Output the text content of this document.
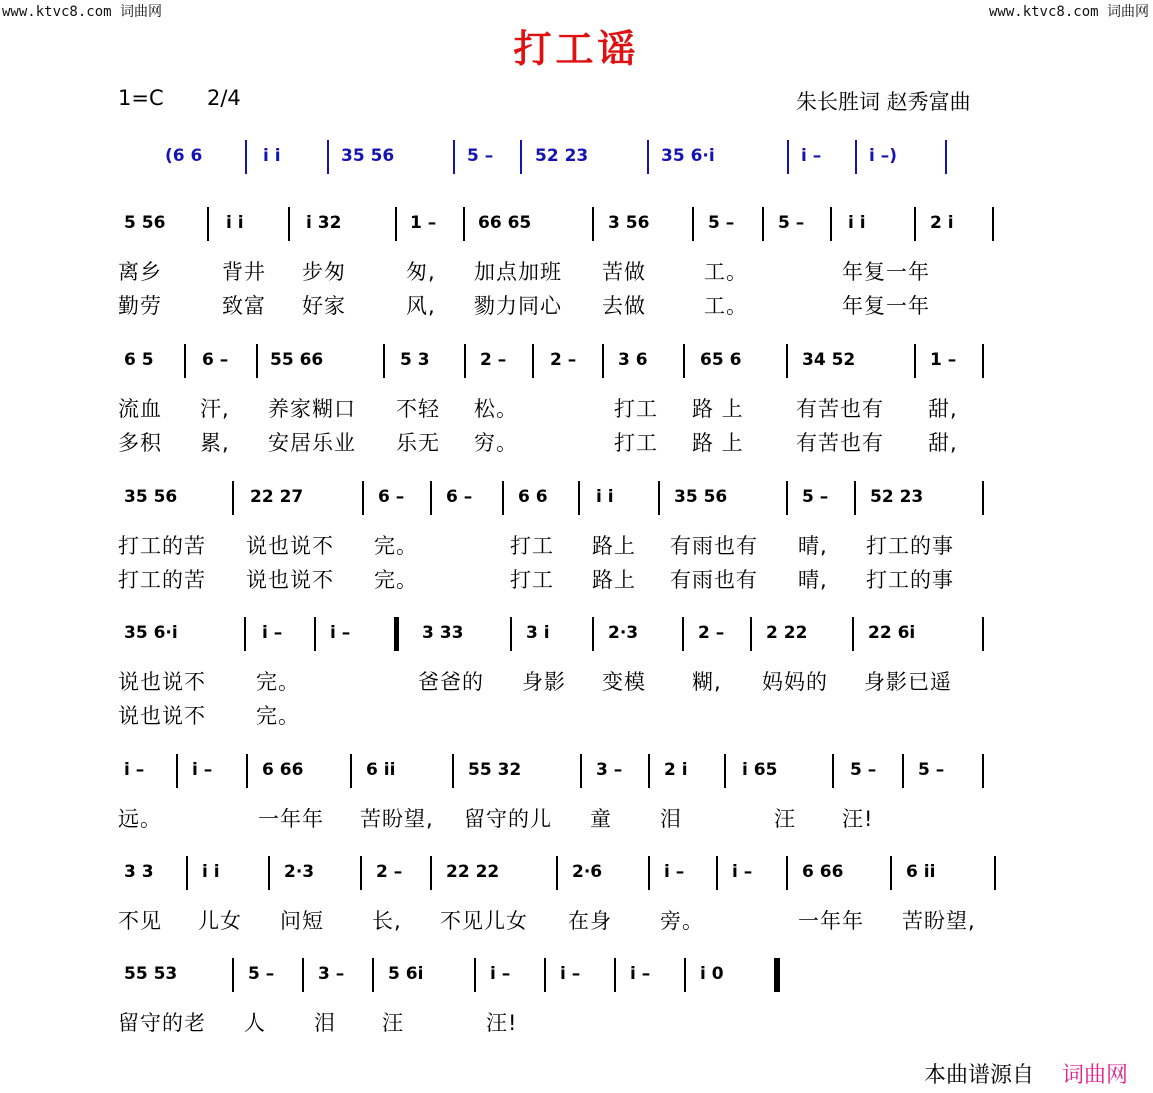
www.ktvc8.com 词曲网	www.ktvc8.com 词曲网
打工谣
1=C 2/4	朱长胜词 赵秀富曲
(6 6	i i	35 56	5 – 52 23	35 6·i	i –	i –)
5 56	i i	i 32	1 – 66 65	3 56	5 –	5 –	i i	2 i
离乡	背井 步匆	匆, 加点加班 苦做	工。	年复一年
勤劳	致富 好家	风, 勠力同心 去做	工。	年复一年
6 5	6 – 55 66	5 3	2 –	2 – 3 6	65 6	34 52	1 –
流血 汗, 养家糊口 不轻 松。	打工 路 上 有苦也有 甜,
多积 累, 安居乐业 乐无 穷。	打工 路 上 有苦也有 甜,
35 56	22 27	6 – 6 –	6 6	i i	35 56	5 – 52 23
打工的苦 说也说不 完。	打工 路上 有雨也有 晴, 打工的事
打工的苦 说也说不 完。	打工 路上 有雨也有 晴, 打工的事
35 6·i	i –	i –	3 33	3 i	2·3	2 – 2 22	22 6i
说也说不 完。	爸爸的 身影 变模 糊, 妈妈的 身影已遥
说也说不 完。
i –	i –	6 66	6 ii	55 32	3 – 2 i	i 65	5 – 5 –
远。	一年年 苦盼望, 留守的儿 童 泪	汪 汪!
3 3	i i	2·3	2 –	22 22	2·6	i –	i –	6 66	6 ii
不见 儿女 问短 长, 不见儿女 在身 旁。	一年年 苦盼望,
55 53	5 –	3 –	5 6i	i –	i –	i –	i 0
留守的老 人 泪 汪	汪!
本曲谱源自 词曲网
